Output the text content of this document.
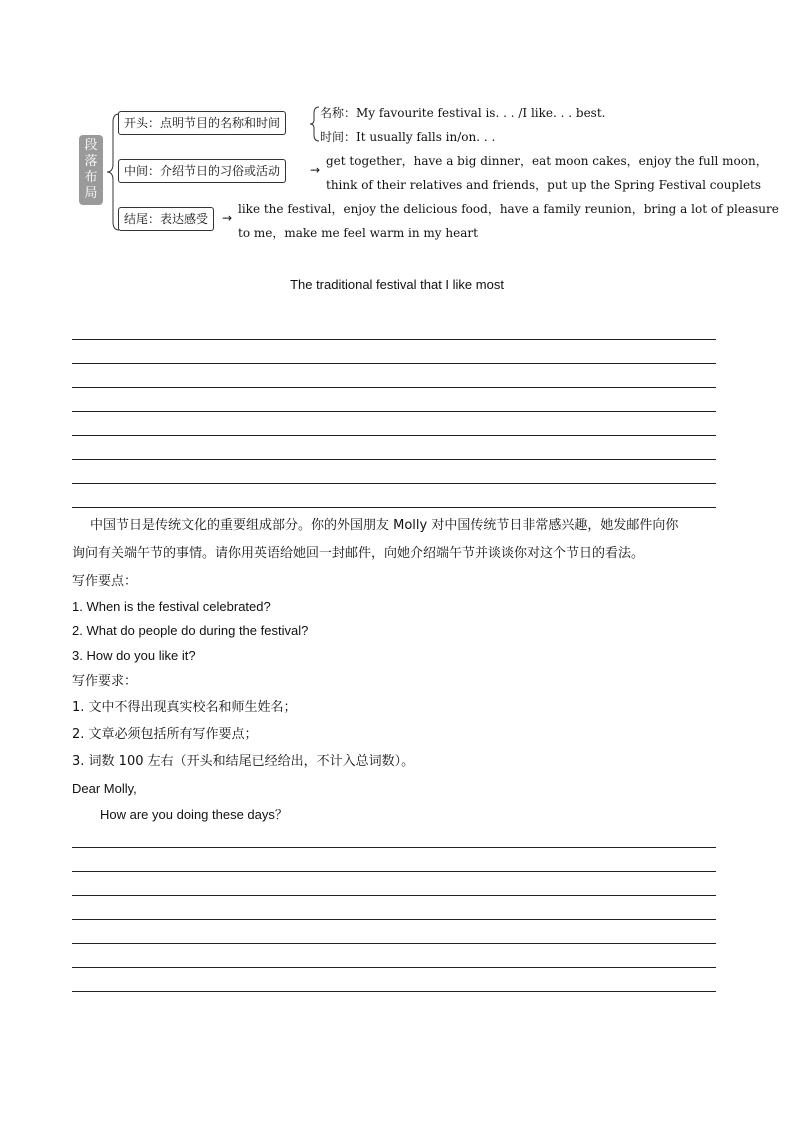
段
落
布
局
开头：点明节目的名称和时间
名称：My favourite festival is. . . /I like. . . best.
时间：It usually falls in/on. . .
中间：介绍节日的习俗或活动	→
get together，have a big dinner，eat moon cakes，enjoy the full moon，
think of their relatives and friends，put up the Spring Festival couplets
结尾：表达感受	→
like the festival，enjoy the delicious food，have a family reunion，bring a lot of pleasure
to me，make me feel warm in my heart
The traditional festival that I like most
中国节日是传统文化的重要组成部分。你的外国朋友 Molly 对中国传统节日非常感兴趣，她发邮件向你
询问有关端午节的事情。请你用英语给她回一封邮件，向她介绍端午节并谈谈你对这个节日的看法。
写作要点：
1. When is the festival celebrated?
2. What do people do during the festival?
3. How do you like it?
写作要求：
1. 文中不得出现真实校名和师生姓名；
2. 文章必须包括所有写作要点；
3. 词数 100 左右（开头和结尾已经给出，不计入总词数）。
Dear Molly,
How are you doing these days？
